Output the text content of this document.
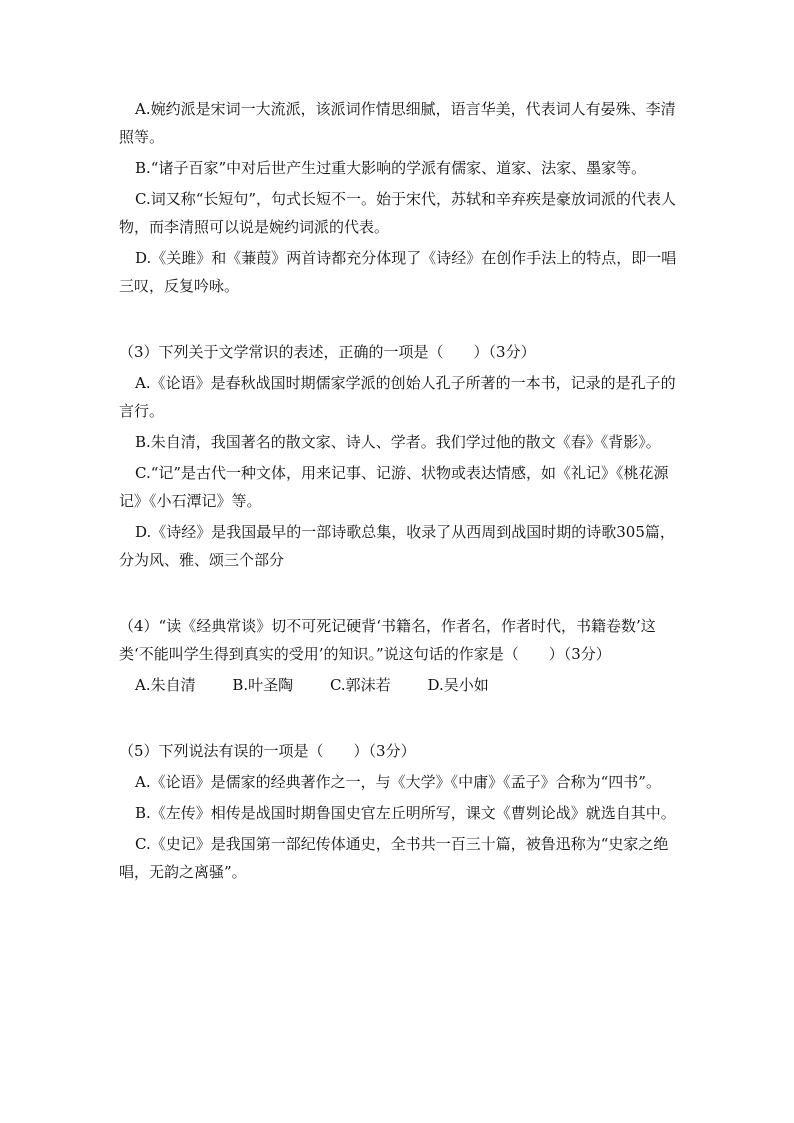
A.婉约派是宋词一大流派，该派词作情思细腻，语言华美，代表词人有晏殊、李清照等。

B.“诸子百家”中对后世产生过重大影响的学派有儒家、道家、法家、墨家等。

C.词又称“长短句”，句式长短不一。始于宋代，苏轼和辛弃疾是豪放词派的代表人物，而李清照可以说是婉约词派的代表。

D.《关雎》和《蒹葭》两首诗都充分体现了《诗经》在创作手法上的特点，即一唱三叹，反复吟咏。

（3）下列关于文学常识的表述，正确的一项是（　　）（3分）

A.《论语》是春秋战国时期儒家学派的创始人孔子所著的一本书，记录的是孔子的言行。

B.朱自清，我国著名的散文家、诗人、学者。我们学过他的散文《春》《背影》。

C.“记”是古代一种文体，用来记事、记游、状物或表达情感，如《礼记》《桃花源记》《小石潭记》等。

D.《诗经》是我国最早的一部诗歌总集，收录了从西周到战国时期的诗歌305篇，分为风、雅、颂三个部分

（4）“读《经典常谈》切不可死记硬背‘书籍名，作者名，作者时代，书籍卷数’这类‘不能叫学生得到真实的受用’的知识。”说这句话的作家是（　　）（3分）

A.朱自清 B.叶圣陶 C.郭沫若 D.吴小如

（5）下列说法有误的一项是（　　）（3分）

A.《论语》是儒家的经典著作之一，与《大学》《中庸》《孟子》合称为“四书”。

B.《左传》相传是战国时期鲁国史官左丘明所写，课文《曹刿论战》就选自其中。

C.《史记》是我国第一部纪传体通史，全书共一百三十篇，被鲁迅称为“史家之绝唱，无韵之离骚”。
